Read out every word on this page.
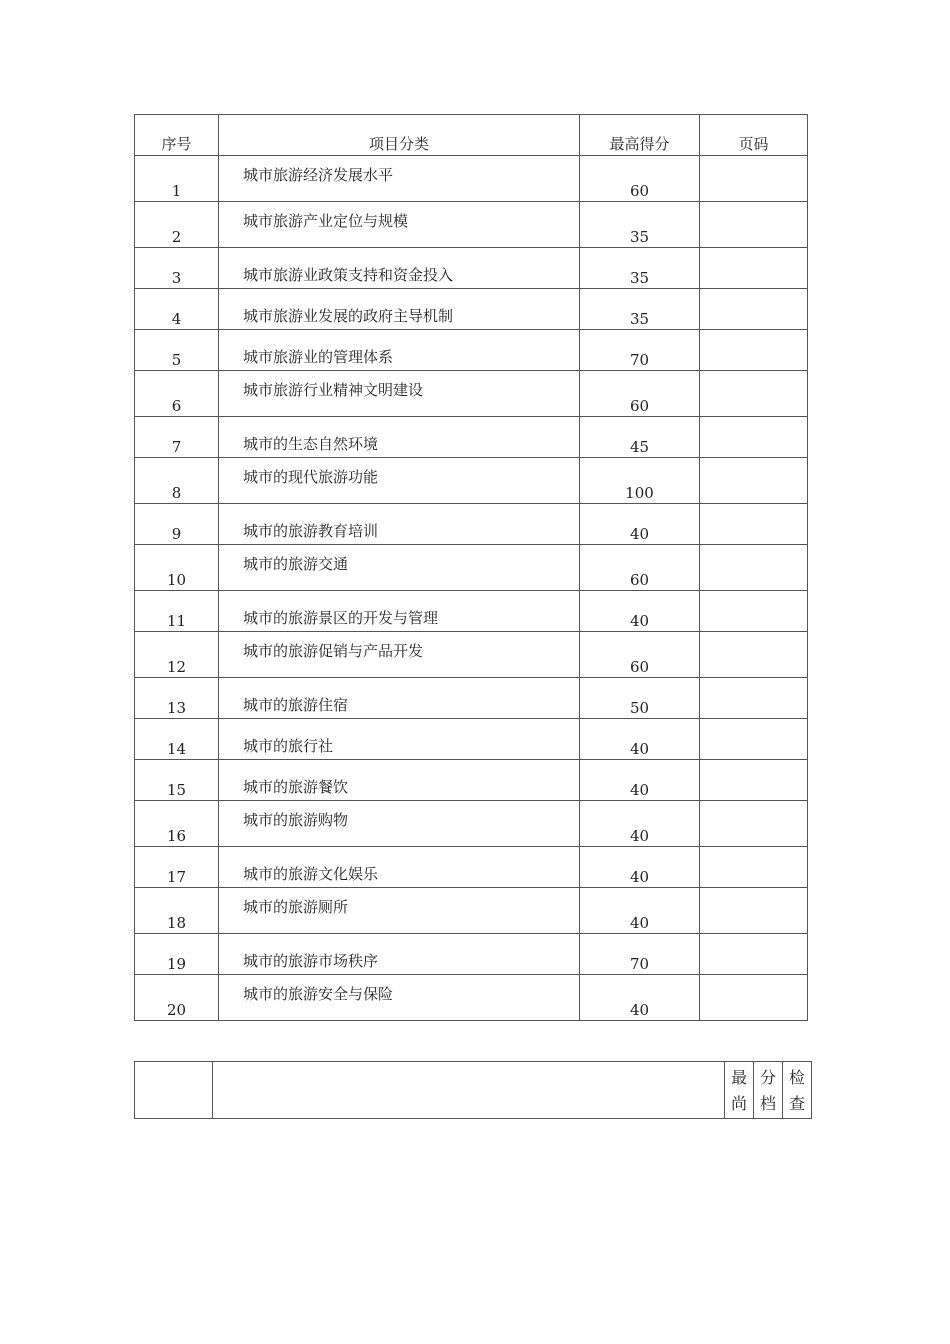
序号	项目分类	最高得分	页码
1	城市旅游经济发展水平	60	
2	城市旅游产业定位与规模	35	
3	城市旅游业政策支持和资金投入	35	
4	城市旅游业发展的政府主导机制	35	
5	城市旅游业的管理体系	70	
6	城市旅游行业精神文明建设	60	
7	城市的生态自然环境	45	
8	城市的现代旅游功能	100	
9	城市的旅游教育培训	40	
10	城市的旅游交通	60	
11	城市的旅游景区的开发与管理	40	
12	城市的旅游促销与产品开发	60	
13	城市的旅游住宿	50	
14	城市的旅行社	40	
15	城市的旅游餐饮	40	
16	城市的旅游购物	40	
17	城市的旅游文化娱乐	40	
18	城市的旅游厕所	40	
19	城市的旅游市场秩序	70	
20	城市的旅游安全与保险	40	

最尚

分档

检查
